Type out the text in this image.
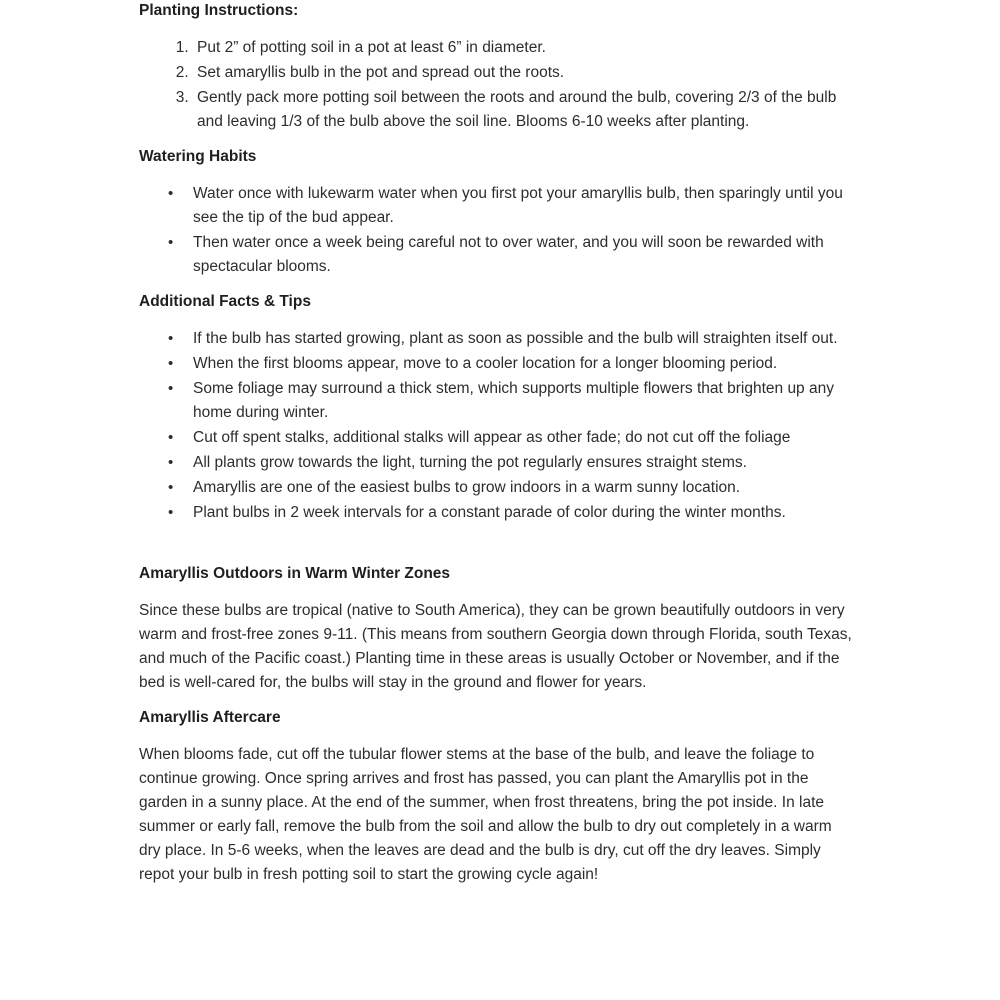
Planting Instructions:
1. Put 2” of potting soil in a pot at least 6” in diameter.
2. Set amaryllis bulb in the pot and spread out the roots.
3. Gently pack more potting soil between the roots and around the bulb, covering 2/3 of the bulb and leaving 1/3 of the bulb above the soil line. Blooms 6-10 weeks after planting.
Watering Habits
• Water once with lukewarm water when you first pot your amaryllis bulb, then sparingly until you see the tip of the bud appear.
• Then water once a week being careful not to over water, and you will soon be rewarded with spectacular blooms.
Additional Facts & Tips
• If the bulb has started growing, plant as soon as possible and the bulb will straighten itself out.
• When the first blooms appear, move to a cooler location for a longer blooming period.
• Some foliage may surround a thick stem, which supports multiple flowers that brighten up any home during winter.
• Cut off spent stalks, additional stalks will appear as other fade; do not cut off the foliage
• All plants grow towards the light, turning the pot regularly ensures straight stems.
• Amaryllis are one of the easiest bulbs to grow indoors in a warm sunny location.
• Plant bulbs in 2 week intervals for a constant parade of color during the winter months.
Amaryllis Outdoors in Warm Winter Zones

Since these bulbs are tropical (native to South America), they can be grown beautifully outdoors in very warm and frost-free zones 9-11. (This means from southern Georgia down through Florida, south Texas, and much of the Pacific coast.) Planting time in these areas is usually October or November, and if the bed is well-cared for, the bulbs will stay in the ground and flower for years.

Amaryllis Aftercare

When blooms fade, cut off the tubular flower stems at the base of the bulb, and leave the foliage to continue growing. Once spring arrives and frost has passed, you can plant the Amaryllis pot in the garden in a sunny place. At the end of the summer, when frost threatens, bring the pot inside. In late summer or early fall, remove the bulb from the soil and allow the bulb to dry out completely in a warm dry place. In 5-6 weeks, when the leaves are dead and the bulb is dry, cut off the dry leaves. Simply repot your bulb in fresh potting soil to start the growing cycle again!
